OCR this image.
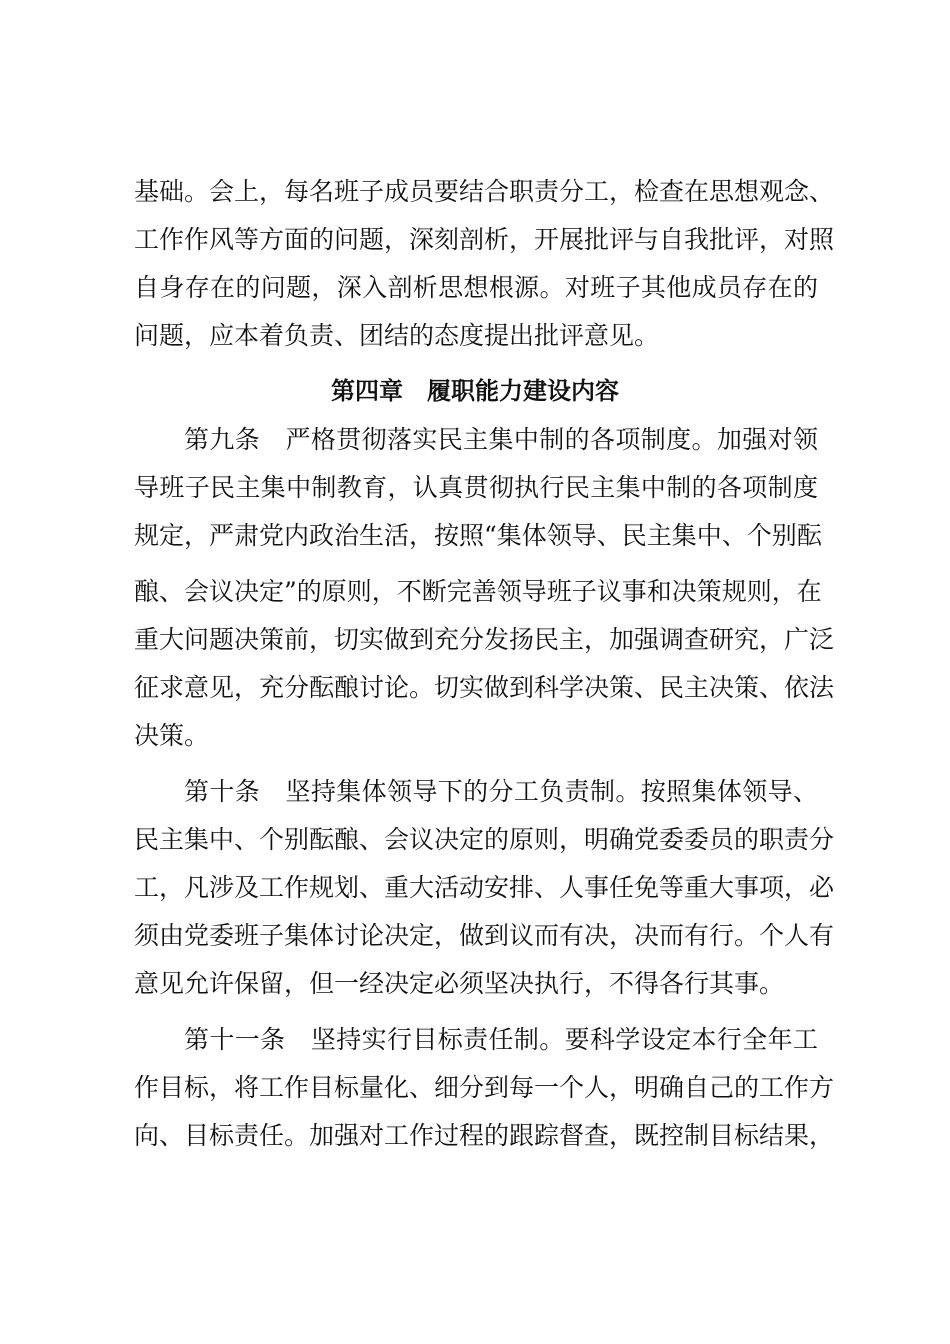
基础。会上，每名班子成员要结合职责分工，检查在思想观念、
工作作风等方面的问题，深刻剖析，开展批评与自我批评，对照
自身存在的问题，深入剖析思想根源。对班子其他成员存在的
问题，应本着负责、团结的态度提出批评意见。
第四章　履职能力建设内容
第九条　严格贯彻落实民主集中制的各项制度。加强对领
导班子民主集中制教育，认真贯彻执行民主集中制的各项制度
规定，严肃党内政治生活，按照“集体领导、民主集中、个别酝
酿、会议决定”的原则，不断完善领导班子议事和决策规则，在
重大问题决策前，切实做到充分发扬民主，加强调查研究，广泛
征求意见，充分酝酿讨论。切实做到科学决策、民主决策、依法
决策。
第十条　坚持集体领导下的分工负责制。按照集体领导、
民主集中、个别酝酿、会议决定的原则，明确党委委员的职责分
工，凡涉及工作规划、重大活动安排、人事任免等重大事项，必
须由党委班子集体讨论决定，做到议而有决，决而有行。个人有
意见允许保留，但一经决定必须坚决执行，不得各行其事。
第十一条　坚持实行目标责任制。要科学设定本行全年工
作目标，将工作目标量化、细分到每一个人，明确自己的工作方
向、目标责任。加强对工作过程的跟踪督查，既控制目标结果，
